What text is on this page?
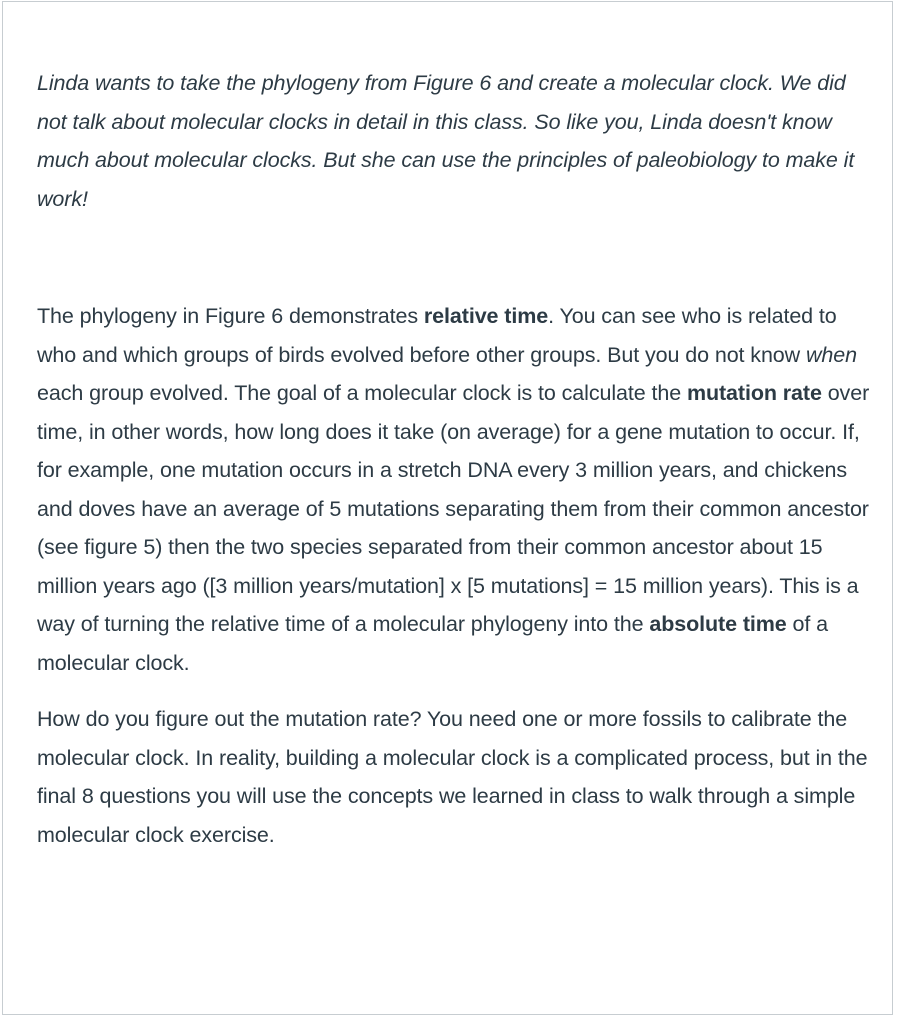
Linda wants to take the phylogeny from Figure 6 and create a molecular clock. We did not talk about molecular clocks in detail in this class. So like you, Linda doesn't know much about molecular clocks. But she can use the principles of paleobiology to make it work!

The phylogeny in Figure 6 demonstrates relative time. You can see who is related to who and which groups of birds evolved before other groups. But you do not know when each group evolved. The goal of a molecular clock is to calculate the mutation rate over time, in other words, how long does it take (on average) for a gene mutation to occur. If, for example, one mutation occurs in a stretch DNA every 3 million years, and chickens and doves have an average of 5 mutations separating them from their common ancestor (see figure 5) then the two species separated from their common ancestor about 15 million years ago ([3 million years/mutation] x [5 mutations] = 15 million years). This is a way of turning the relative time of a molecular phylogeny into the absolute time of a molecular clock.

How do you figure out the mutation rate? You need one or more fossils to calibrate the molecular clock. In reality, building a molecular clock is a complicated process, but in the final 8 questions you will use the concepts we learned in class to walk through a simple molecular clock exercise.
